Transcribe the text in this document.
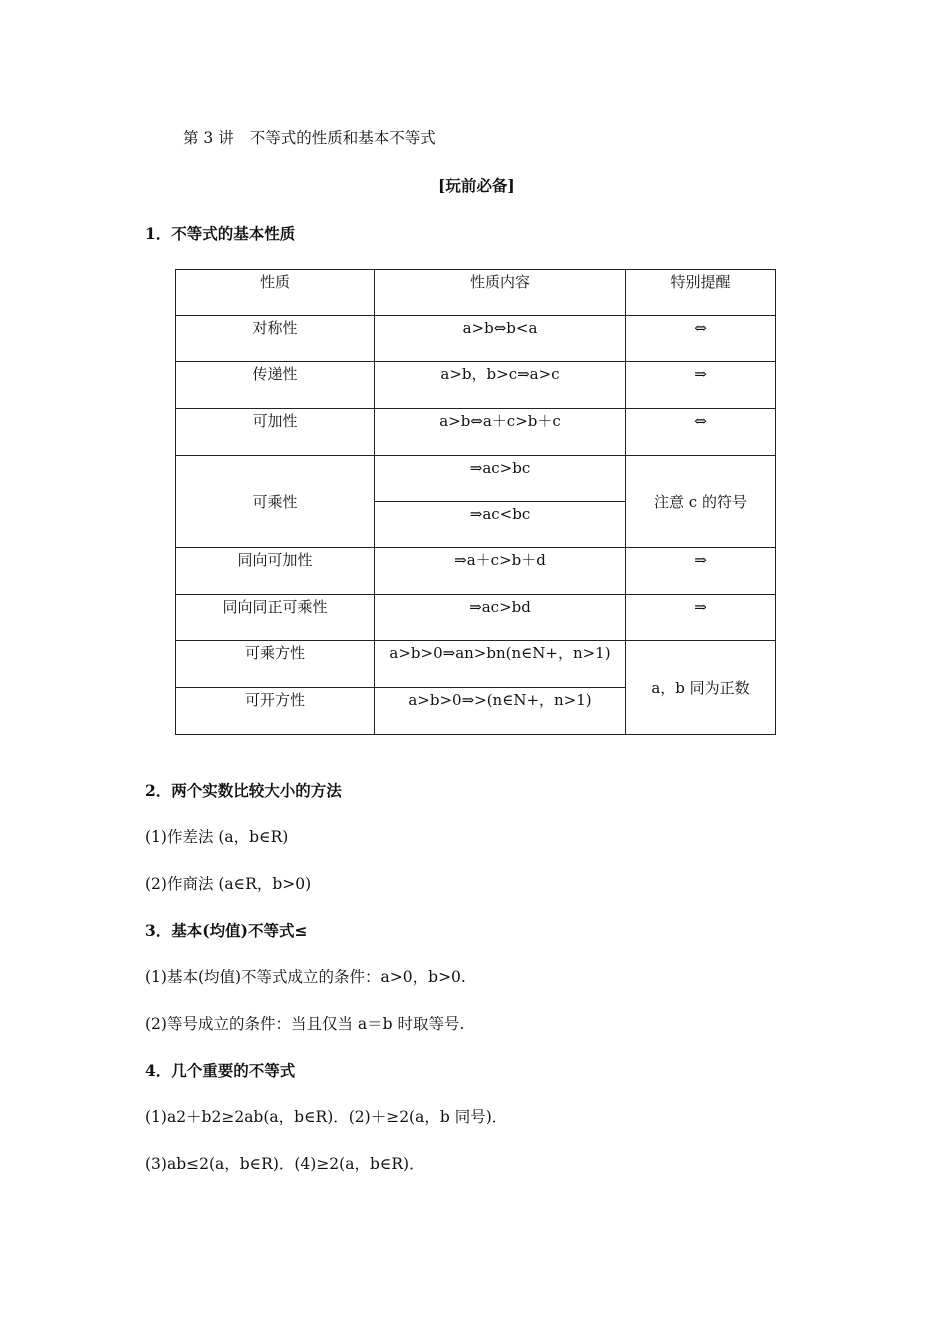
第 3 讲 不等式的性质和基本不等式
[玩前必备]
1．不等式的基本性质
性质	性质内容	特别提醒

对称性	a>b⇔b<a	⇔

传递性	a>b，b>c⇒a>c	⇒

可加性	a>b⇔a＋c>b＋c	⇔

可乘性	⇒ac>bc	注意 c 的符号

	⇒ac<bc	

同向可加性	⇒a＋c>b＋d	⇒

同向同正可乘性	⇒ac>bd	⇒

可乘方性	a>b>0⇒an>bn(n∈N+，n>1)	a，b 同为正数

可开方性	a>b>0⇒>(n∈N+，n>1)	
2．两个实数比较大小的方法
(1)作差法 (a，b∈R)
(2)作商法 (a∈R，b>0)
3．基本(均值)不等式≤
(1)基本(均值)不等式成立的条件：a>0，b>0.
(2)等号成立的条件：当且仅当 a＝b 时取等号.
4．几个重要的不等式
(1)a2＋b2≥2ab(a，b∈R)．(2)＋≥2(a，b 同号)．
(3)ab≤2(a，b∈R)．(4)≥2(a，b∈R)．
